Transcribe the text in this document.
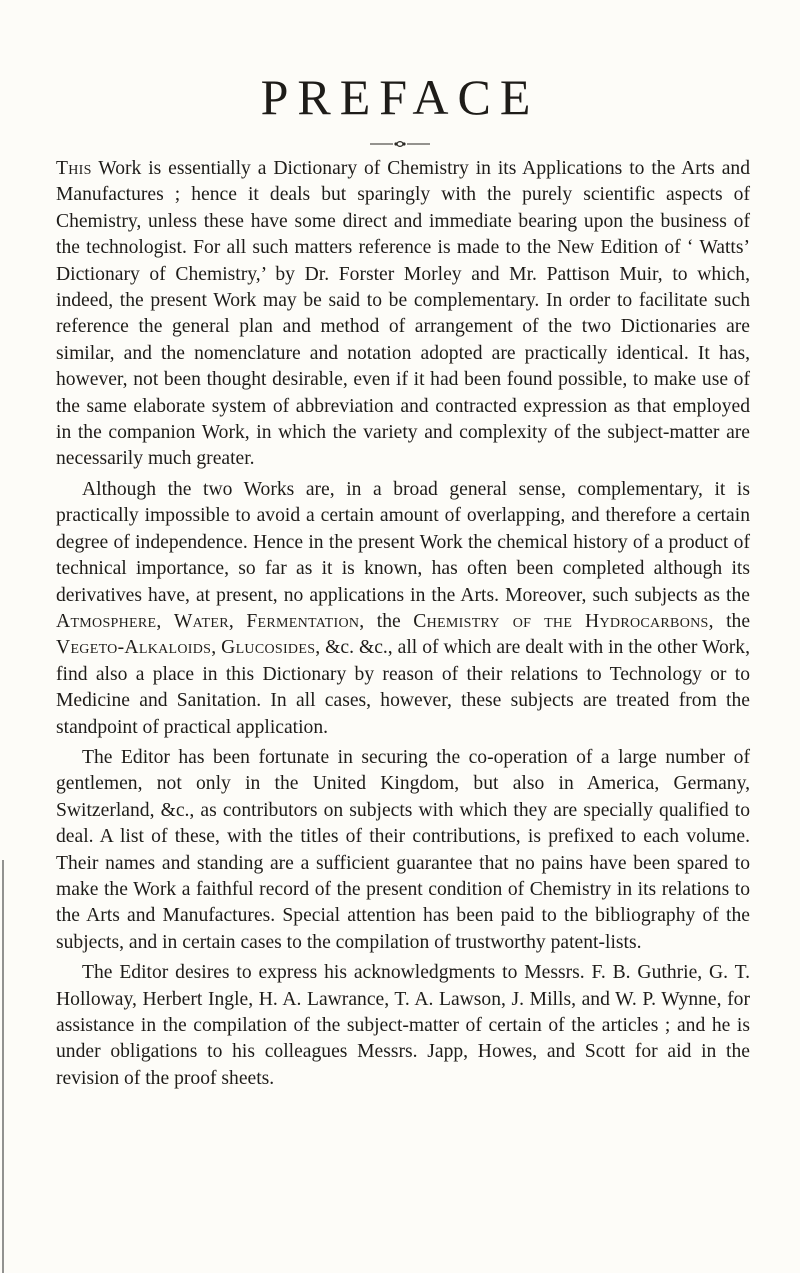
PREFACE

This Work is essentially a Dictionary of Chemistry in its Applications to the Arts and Manufactures ; hence it deals but sparingly with the purely scientific aspects of Chemistry, unless these have some direct and immediate bearing upon the business of the technologist. For all such matters reference is made to the New Edition of ‘ Watts’ Dictionary of Chemistry,’ by Dr. Forster Morley and Mr. Pattison Muir, to which, indeed, the present Work may be said to be complementary. In order to facilitate such reference the general plan and method of arrangement of the two Dictionaries are similar, and the nomenclature and notation adopted are practically identical. It has, however, not been thought desirable, even if it had been found possible, to make use of the same elaborate system of abbreviation and contracted expression as that employed in the companion Work, in which the variety and complexity of the subject-matter are necessarily much greater.

Although the two Works are, in a broad general sense, complementary, it is practically impossible to avoid a certain amount of overlapping, and therefore a certain degree of independence. Hence in the present Work the chemical history of a product of technical importance, so far as it is known, has often been completed although its derivatives have, at present, no applications in the Arts. Moreover, such subjects as the Atmosphere, Water, Fermentation, the Chemistry of the Hydrocarbons, the Vegeto-Alkaloids, Glucosides, &c. &c., all of which are dealt with in the other Work, find also a place in this Dictionary by reason of their relations to Technology or to Medicine and Sanitation. In all cases, however, these subjects are treated from the standpoint of practical application.

The Editor has been fortunate in securing the co-operation of a large number of gentlemen, not only in the United Kingdom, but also in America, Germany, Switzerland, &c., as contributors on subjects with which they are specially qualified to deal. A list of these, with the titles of their contributions, is prefixed to each volume. Their names and standing are a sufficient guarantee that no pains have been spared to make the Work a faithful record of the present condition of Chemistry in its relations to the Arts and Manufactures. Special attention has been paid to the bibliography of the subjects, and in certain cases to the compilation of trustworthy patent-lists.

The Editor desires to express his acknowledgments to Messrs. F. B. Guthrie, G. T. Holloway, Herbert Ingle, H. A. Lawrance, T. A. Lawson, J. Mills, and W. P. Wynne, for assistance in the compilation of the subject-matter of certain of the articles ; and he is under obligations to his colleagues Messrs. Japp, Howes, and Scott for aid in the revision of the proof sheets.
